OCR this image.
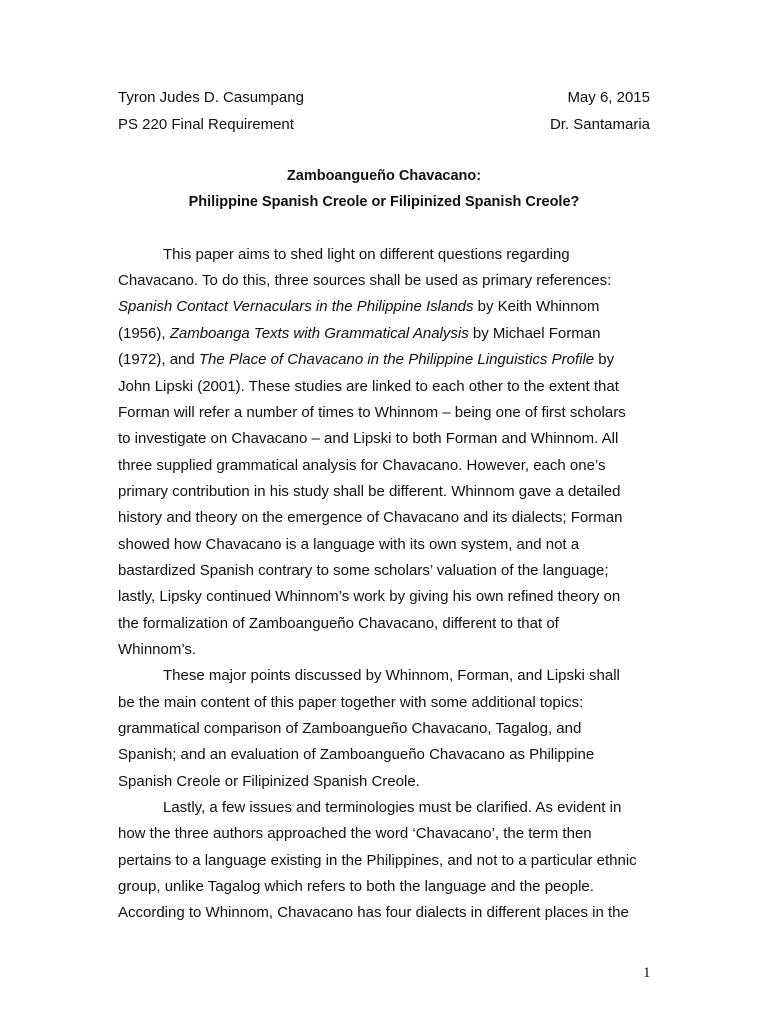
Tyron Judes D. Casumpang	May 6, 2015
PS 220 Final Requirement	Dr. Santamaria
Zamboangueño Chavacano:
Philippine Spanish Creole or Filipinized Spanish Creole?
This paper aims to shed light on different questions regarding
Chavacano. To do this, three sources shall be used as primary references:
Spanish Contact Vernaculars in the Philippine Islands by Keith Whinnom
(1956), Zamboanga Texts with Grammatical Analysis by Michael Forman
(1972), and The Place of Chavacano in the Philippine Linguistics Profile by
John Lipski (2001). These studies are linked to each other to the extent that
Forman will refer a number of times to Whinnom – being one of first scholars
to investigate on Chavacano – and Lipski to both Forman and Whinnom. All
three supplied grammatical analysis for Chavacano. However, each one’s
primary contribution in his study shall be different. Whinnom gave a detailed
history and theory on the emergence of Chavacano and its dialects; Forman
showed how Chavacano is a language with its own system, and not a
bastardized Spanish contrary to some scholars’ valuation of the language;
lastly, Lipsky continued Whinnom’s work by giving his own refined theory on
the formalization of Zamboangueño Chavacano, different to that of
Whinnom’s.
These major points discussed by Whinnom, Forman, and Lipski shall
be the main content of this paper together with some additional topics:
grammatical comparison of Zamboangueño Chavacano, Tagalog, and
Spanish; and an evaluation of Zamboangueño Chavacano as Philippine
Spanish Creole or Filipinized Spanish Creole.
Lastly, a few issues and terminologies must be clarified. As evident in
how the three authors approached the word ‘Chavacano’, the term then
pertains to a language existing in the Philippines, and not to a particular ethnic
group, unlike Tagalog which refers to both the language and the people.
According to Whinnom, Chavacano has four dialects in different places in the
1
